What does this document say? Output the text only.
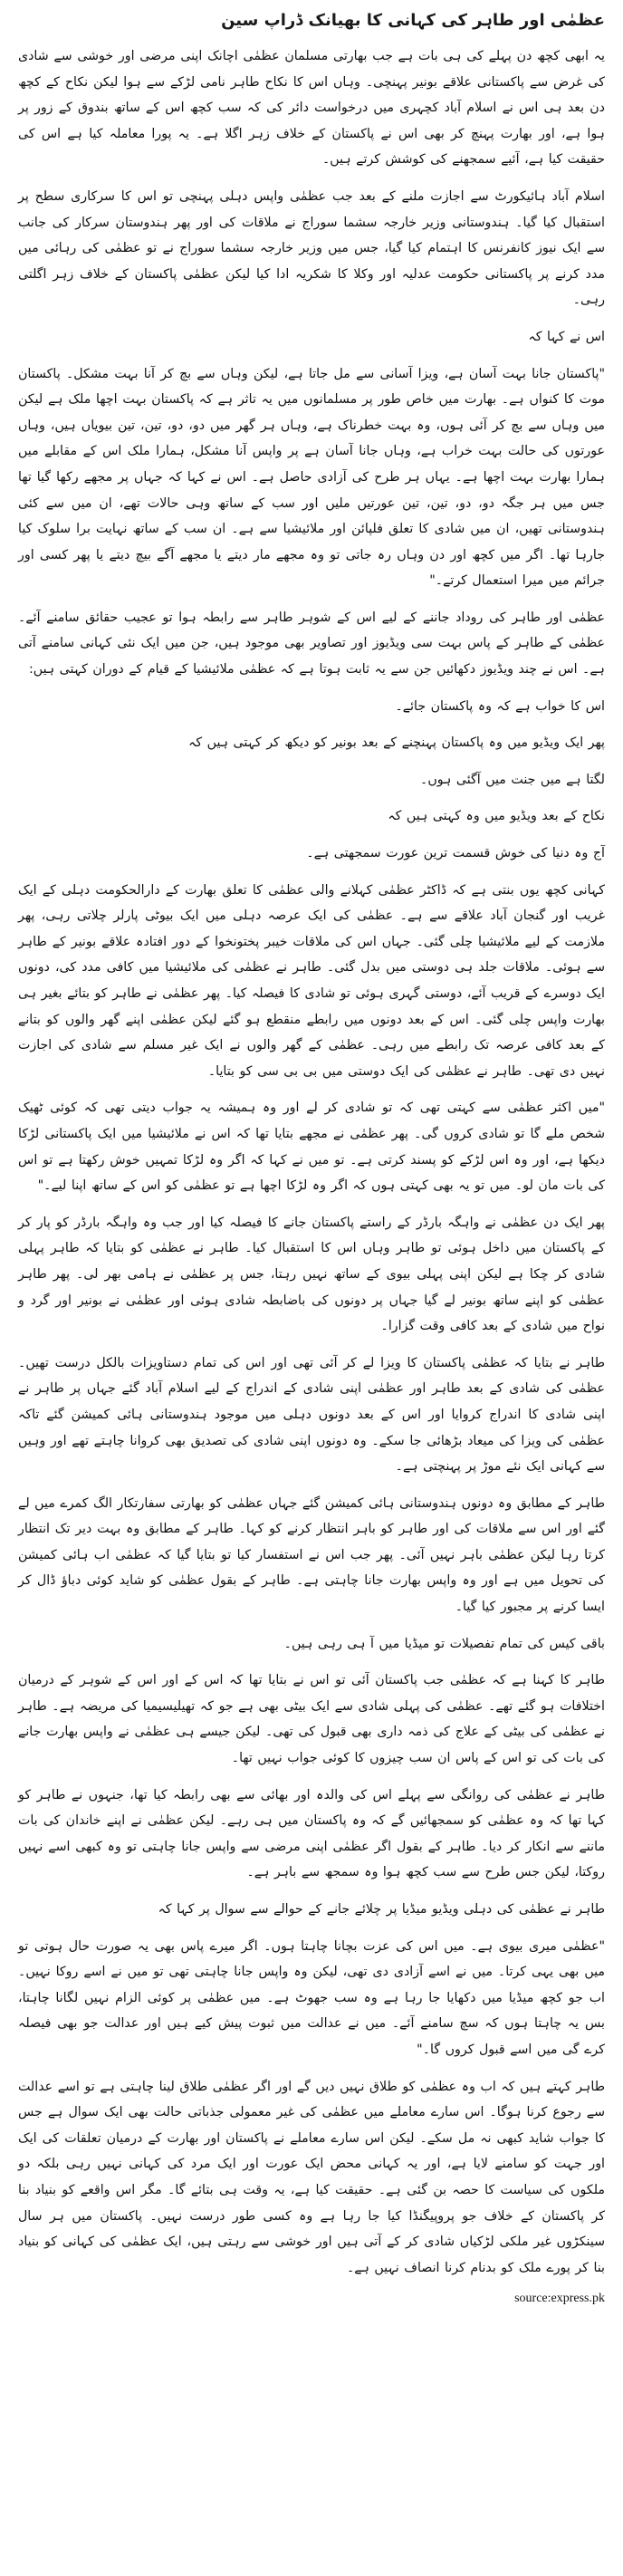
عظمٰی اور طاہر کی کہانی کا بھیانک ڈراپ سین

یہ ابھی کچھ دن پہلے کی ہی بات ہے جب بھارتی مسلمان عظمٰی اچانک اپنی مرضی اور خوشی سے شادی کی غرض سے پاکستانی علاقے بونیر پہنچی۔ وہاں اس کا نکاح طاہر نامی لڑکے سے ہوا لیکن نکاح کے کچھ دن بعد ہی اس نے اسلام آباد کچہری میں درخواست دائر کی کہ سب کچھ اس کے ساتھ بندوق کے زور پر ہوا ہے، اور بھارت پہنچ کر بھی اس نے پاکستان کے خلاف زہر اگلا ہے۔ یہ پورا معاملہ کیا ہے اس کی حقیقت کیا ہے، آئیے سمجھنے کی کوشش کرتے ہیں۔

اسلام آباد ہائیکورٹ سے اجازت ملنے کے بعد جب عظمٰی واپس دہلی پہنچی تو اس کا سرکاری سطح پر استقبال کیا گیا۔ ہندوستانی وزیر خارجہ سشما سوراج نے ملاقات کی اور پھر ہندوستان سرکار کی جانب سے ایک نیوز کانفرنس کا اہتمام کیا گیا، جس میں وزیر خارجہ سشما سوراج نے تو عظمٰی کی رہائی میں مدد کرنے پر پاکستانی حکومت عدلیہ اور وکلا کا شکریہ ادا کیا لیکن عظمٰی پاکستان کے خلاف زہر اگلتی رہی۔

اس نے کہا کہ

"پاکستان جانا بہت آسان ہے، ویزا آسانی سے مل جاتا ہے، لیکن وہاں سے بچ کر آنا بہت مشکل۔ پاکستان موت کا کنواں ہے۔ بھارت میں خاص طور پر مسلمانوں میں یہ تاثر ہے کہ پاکستان بہت اچھا ملک ہے لیکن میں وہاں سے بچ کر آئی ہوں، وہ بہت خطرناک ہے، وہاں ہر گھر میں دو، دو، تین، تین بیویاں ہیں، وہاں عورتوں کی حالت بہت خراب ہے، وہاں جانا آسان ہے پر واپس آنا مشکل، ہمارا ملک اس کے مقابلے میں ہمارا بھارت بہت اچھا ہے۔ یہاں ہر طرح کی آزادی حاصل ہے۔ اس نے کہا کہ جہاں پر مجھے رکھا گیا تھا جس میں ہر جگہ دو، دو، تین، تین عورتیں ملیں اور سب کے ساتھ وہی حالات تھے، ان میں سے کئی ہندوستانی تھیں، ان میں شادی کا تعلق فلپائن اور ملائیشیا سے ہے۔ ان سب کے ساتھ نہایت برا سلوک کیا جارہا تھا۔ اگر میں کچھ اور دن وہاں رہ جاتی تو وہ مجھے مار دیتے یا مجھے آگے بیچ دیتے یا پھر کسی اور جرائم میں میرا استعمال کرتے۔"

عظمٰی اور طاہر کی روداد جاننے کے لیے اس کے شوہر طاہر سے رابطہ ہوا تو عجیب حقائق سامنے آئے۔ عظمٰی کے طاہر کے پاس بہت سی ویڈیوز اور تصاویر بھی موجود ہیں، جن میں ایک نئی کہانی سامنے آتی ہے۔ اس نے چند ویڈیوز دکھائیں جن سے یہ ثابت ہوتا ہے کہ عظمٰی ملائیشیا کے قیام کے دوران کہتی ہیں:

اس کا خواب ہے کہ وہ پاکستان جائے۔

پھر ایک ویڈیو میں وہ پاکستان پہنچنے کے بعد بونیر کو دیکھ کر کہتی ہیں کہ

لگتا ہے میں جنت میں آگئی ہوں۔

نکاح کے بعد ویڈیو میں وہ کہتی ہیں کہ

آج وہ دنیا کی خوش قسمت ترین عورت سمجھتی ہے۔

کہانی کچھ یوں بنتی ہے کہ ڈاکٹر عظمٰی کہلانے والی عظمٰی کا تعلق بھارت کے دارالحکومت دہلی کے ایک غریب اور گنجان آباد علاقے سے ہے۔ عظمٰی کی ایک عرصہ دہلی میں ایک بیوٹی پارلر چلاتی رہی، پھر ملازمت کے لیے ملائیشیا چلی گئی۔ جہاں اس کی ملاقات خیبر پختونخوا کے دور افتادہ علاقے بونیر کے طاہر سے ہوئی۔ ملاقات جلد ہی دوستی میں بدل گئی۔ طاہر نے عظمٰی کی ملائیشیا میں کافی مدد کی، دونوں ایک دوسرے کے قریب آئے، دوستی گہری ہوئی تو شادی کا فیصلہ کیا۔ پھر عظمٰی نے طاہر کو بتائے بغیر ہی بھارت واپس چلی گئی۔ اس کے بعد دونوں میں رابطے منقطع ہو گئے لیکن عظمٰی اپنے گھر والوں کو بتانے کے بعد کافی عرصہ تک رابطے میں رہی۔ عظمٰی کے گھر والوں نے ایک غیر مسلم سے شادی کی اجازت نہیں دی تھی۔ طاہر نے عظمٰی کی ایک دوستی میں بی بی سی کو بتایا۔

"میں اکثر عظمٰی سے کہتی تھی کہ تو شادی کر لے اور وہ ہمیشہ یہ جواب دیتی تھی کہ کوئی ٹھیک شخص ملے گا تو شادی کروں گی۔ پھر عظمٰی نے مجھے بتایا تھا کہ اس نے ملائیشیا میں ایک پاکستانی لڑکا دیکھا ہے، اور وہ اس لڑکے کو پسند کرتی ہے۔ تو میں نے کہا کہ اگر وہ لڑکا تمہیں خوش رکھتا ہے تو اس کی بات مان لو۔ میں تو یہ بھی کہتی ہوں کہ اگر وہ لڑکا اچھا ہے تو عظمٰی کو اس کے ساتھ اپنا لیے۔"

پھر ایک دن عظمٰی نے واہگہ بارڈر کے راستے پاکستان جانے کا فیصلہ کیا اور جب وہ واہگہ بارڈر کو پار کر کے پاکستان میں داخل ہوئی تو طاہر وہاں اس کا استقبال کیا۔ طاہر نے عظمٰی کو بتایا کہ طاہر پہلی شادی کر چکا ہے لیکن اپنی پہلی بیوی کے ساتھ نہیں رہتا، جس پر عظمٰی نے ہامی بھر لی۔ پھر طاہر عظمٰی کو اپنے ساتھ بونیر لے گیا جہاں پر دونوں کی باضابطہ شادی ہوئی اور عظمٰی نے بونیر اور گرد و نواح میں شادی کے بعد کافی وقت گزارا۔

طاہر نے بتایا کہ عظمٰی پاکستان کا ویزا لے کر آئی تھی اور اس کی تمام دستاویزات بالکل درست تھیں۔ عظمٰی کی شادی کے بعد طاہر اور عظمٰی اپنی شادی کے اندراج کے لیے اسلام آباد گئے جہاں پر طاہر نے اپنی شادی کا اندراج کروایا اور اس کے بعد دونوں دہلی میں موجود ہندوستانی ہائی کمیشن گئے تاکہ عظمٰی کی ویزا کی میعاد بڑھائی جا سکے۔ وہ دونوں اپنی شادی کی تصدیق بھی کروانا چاہتے تھے اور وہیں سے کہانی ایک نئے موڑ پر پہنچتی ہے۔

طاہر کے مطابق وہ دونوں ہندوستانی ہائی کمیشن گئے جہاں عظمٰی کو بھارتی سفارتکار الگ کمرے میں لے گئے اور اس سے ملاقات کی اور طاہر کو باہر انتظار کرنے کو کہا۔ طاہر کے مطابق وہ بہت دیر تک انتظار کرتا رہا لیکن عظمٰی باہر نہیں آئی۔ پھر جب اس نے استفسار کیا تو بتایا گیا کہ عظمٰی اب ہائی کمیشن کی تحویل میں ہے اور وہ واپس بھارت جانا چاہتی ہے۔ طاہر کے بقول عظمٰی کو شاید کوئی دباؤ ڈال کر ایسا کرنے پر مجبور کیا گیا۔

باقی کیس کی تمام تفصیلات تو میڈیا میں آ ہی رہی ہیں۔

طاہر کا کہنا ہے کہ عظمٰی جب پاکستان آئی تو اس نے بتایا تھا کہ اس کے اور اس کے شوہر کے درمیان اختلافات ہو گئے تھے۔ عظمٰی کی پہلی شادی سے ایک بیٹی بھی ہے جو کہ تھیلیسیمیا کی مریضہ ہے۔ طاہر نے عظمٰی کی بیٹی کے علاج کی ذمہ داری بھی قبول کی تھی۔ لیکن جیسے ہی عظمٰی نے واپس بھارت جانے کی بات کی تو اس کے پاس ان سب چیزوں کا کوئی جواب نہیں تھا۔

طاہر نے عظمٰی کی روانگی سے پہلے اس کی والدہ اور بھائی سے بھی رابطہ کیا تھا، جنہوں نے طاہر کو کہا تھا کہ وہ عظمٰی کو سمجھائیں گے کہ وہ پاکستان میں ہی رہے۔ لیکن عظمٰی نے اپنے خاندان کی بات ماننے سے انکار کر دیا۔ طاہر کے بقول اگر عظمٰی اپنی مرضی سے واپس جانا چاہتی تو وہ کبھی اسے نہیں روکتا، لیکن جس طرح سے سب کچھ ہوا وہ سمجھ سے باہر ہے۔

طاہر نے عظمٰی کی دہلی ویڈیو میڈیا پر چلائے جانے کے حوالے سے سوال پر کہا کہ

"عظمٰی میری بیوی ہے۔ میں اس کی عزت بچانا چاہتا ہوں۔ اگر میرے پاس بھی یہ صورت حال ہوتی تو میں بھی یہی کرتا۔ میں نے اسے آزادی دی تھی، لیکن وہ واپس جانا چاہتی تھی تو میں نے اسے روکا نہیں۔ اب جو کچھ میڈیا میں دکھایا جا رہا ہے وہ سب جھوٹ ہے۔ میں عظمٰی پر کوئی الزام نہیں لگانا چاہتا، بس یہ چاہتا ہوں کہ سچ سامنے آئے۔ میں نے عدالت میں ثبوت پیش کیے ہیں اور عدالت جو بھی فیصلہ کرے گی میں اسے قبول کروں گا۔"

طاہر کہتے ہیں کہ اب وہ عظمٰی کو طلاق نہیں دیں گے اور اگر عظمٰی طلاق لینا چاہتی ہے تو اسے عدالت سے رجوع کرنا ہوگا۔ اس سارے معاملے میں عظمٰی کی غیر معمولی جذباتی حالت بھی ایک سوال ہے جس کا جواب شاید کبھی نہ مل سکے۔ لیکن اس سارے معاملے نے پاکستان اور بھارت کے درمیان تعلقات کی ایک اور جہت کو سامنے لایا ہے، اور یہ کہانی محض ایک عورت اور ایک مرد کی کہانی نہیں رہی بلکہ دو ملکوں کی سیاست کا حصہ بن گئی ہے۔ حقیقت کیا ہے، یہ وقت ہی بتائے گا۔ مگر اس واقعے کو بنیاد بنا کر پاکستان کے خلاف جو پروپیگنڈا کیا جا رہا ہے وہ کسی طور درست نہیں۔ پاکستان میں ہر سال سینکڑوں غیر ملکی لڑکیاں شادی کر کے آتی ہیں اور خوشی سے رہتی ہیں، ایک عظمٰی کی کہانی کو بنیاد بنا کر پورے ملک کو بدنام کرنا انصاف نہیں ہے۔

source:express.pk
